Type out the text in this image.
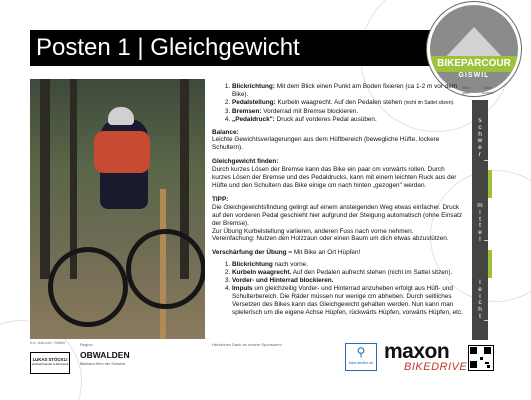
Posten 1 | Gleichgewicht
BIKEPARCOUR
GISWIL
rho, Aslocsh, Settler
1. Blickrichtung: Mit dem Blick einen Punkt am Boden fixieren (ca 1-2 m vor dem Bike).
2. Pedalstellung: Kurbeln waagrecht. Auf den Pedalen stehen (nicht im Sattel sitzen).
3. Bremsen: Vorderrad mit Bremse blockieren.
4. „Pedaldruck": Druck auf vorderes Pedal ausüben.
Balance:
Leichte Gewichtsverlagerungen aus dem Hüftbereich (bewegliche Hüfte, lockere Schultern).
Gleichgewicht finden:
Durch kurzes Lösen der Bremse kann das Bike ein paar cm vorwärts rollen. Durch kurzes Lösen der Bremse und des Pedaldrucks, kann mit einem leichten Ruck aus der Hüfte und den Schultern das Bike einige cm nach hinten „gezogen" werden.
TIPP:
Die Gleichgewichtsfindung gelingt auf einem ansteigenden Weg etwas einfacher. Druck auf den vorderen Pedal geschieht hier aufgrund der Steigung automatisch (ohne Einsatz der Bremse).
Zur Übung Kurbelstellung variieren, anderen Fuss nach vorne nehmen.
Vereinfachung: Nutzen den Holzzaun oder einen Baum um dich etwas abzustützen.
Verschärfung der Übung = Mit Bike an Ort Hüpfen!
1. Blickrichtung nach vorne.
2. Kurbeln waagrecht. Auf den Pedalen aufrecht stehen (nicht im Sattel sitzen).
3. Vorder- und Hinterrad blockieren.
4. Impuls um gleichzeitig Vorder- und Hinterrad anzuheben erfolgt aus Hüft- und Schulterbereich. Die Räder müssen nur wenige cm abheben. Durch seitliches Versetzen des Bikes kann das Gleichgewicht gehalten werden. Nun kann man spielerisch um die eigene Achse Hüpfen, rückwärts Hüpfen, vorwärts Hüpfen, etc.
Stufe gelb
Stufe schwer
s
c
h
w
e
r
m
i
t
t
e
l
l
e
i
c
h
t
LUKAS STÖCKLI
Velofachhandel & Werkstatt
Region
OBWALDEN
Bikeland Herz der Schweiz
Herzlichen Dank an unsere Sponsoren!
⚲
bike-steller.ch maxon
BIKEDRIVE
